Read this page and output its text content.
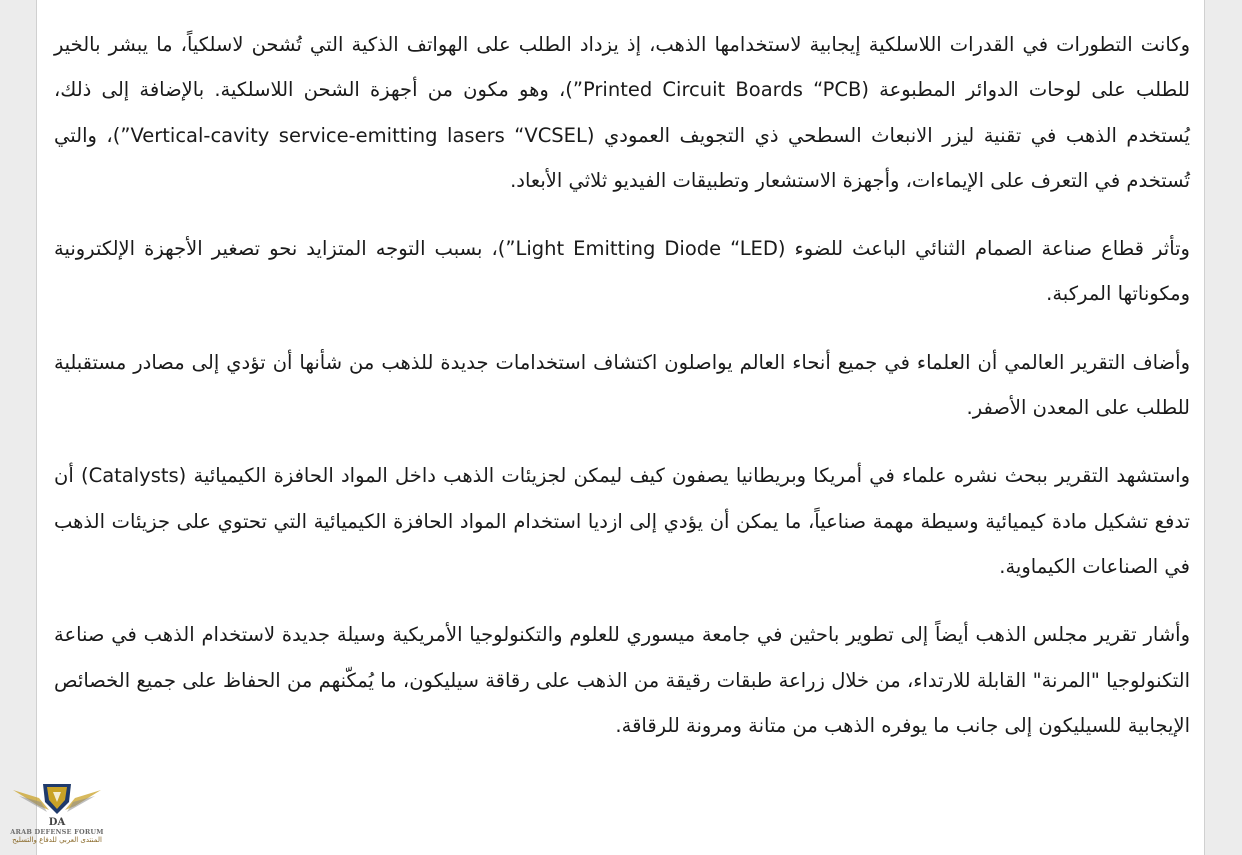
وكانت التطورات في القدرات اللاسلكية إيجابية لاستخدامها الذهب، إذ يزداد الطلب على الهواتف الذكية التي تُشحن لاسلكياً، ما يبشر بالخير للطلب على لوحات الدوائر المطبوعة (Printed Circuit Boards “PCB”)، وهو مكون من أجهزة الشحن اللاسلكية. بالإضافة إلى ذلك، يُستخدم الذهب في تقنية ليزر الانبعاث السطحي ذي التجويف العمودي (Vertical-cavity service-emitting lasers “VCSEL”)، والتي تُستخدم في التعرف على الإيماءات، وأجهزة الاستشعار وتطبيقات الفيديو ثلاثي الأبعاد.

وتأثر قطاع صناعة الصمام الثنائي الباعث للضوء (Light Emitting Diode “LED”)، بسبب التوجه المتزايد نحو تصغير الأجهزة الإلكترونية ومكوناتها المركبة.

وأضاف التقرير العالمي أن العلماء في جميع أنحاء العالم يواصلون اكتشاف استخدامات جديدة للذهب من شأنها أن تؤدي إلى مصادر مستقبلية للطلب على المعدن الأصفر.

واستشهد التقرير ببحث نشره علماء في أمريكا وبريطانيا يصفون كيف ليمكن لجزيئات الذهب داخل المواد الحافزة الكيميائية (Catalysts) أن تدفع تشكيل مادة كيميائية وسيطة مهمة صناعياً، ما يمكن أن يؤدي إلى ازديا استخدام المواد الحافزة الكيميائية التي تحتوي على جزيئات الذهب في الصناعات الكيماوية.

وأشار تقرير مجلس الذهب أيضاً إلى تطوير باحثين في جامعة ميسوري للعلوم والتكنولوجيا الأمريكية وسيلة جديدة لاستخدام الذهب في صناعة التكنولوجيا "المرنة" القابلة للارتداء، من خلال زراعة طبقات رقيقة من الذهب على رقاقة سيليكون، ما يُمكّنهم من الحفاظ على جميع الخصائص الإيجابية للسيليكون إلى جانب ما يوفره الذهب من متانة ومرونة للرقاقة.

DA
ARAB DEFENSE FORUM
المنتدى العربي للدفاع والتسليح
